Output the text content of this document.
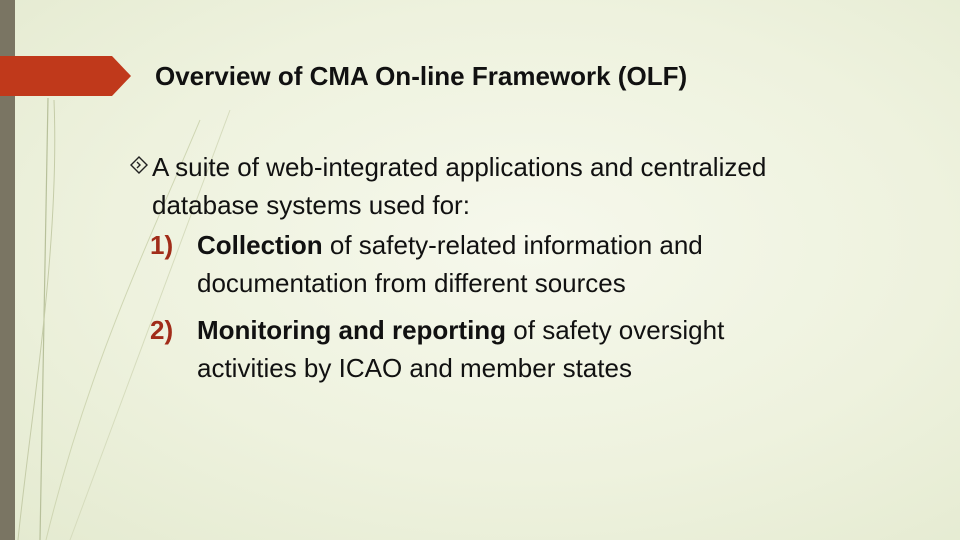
Overview of CMA On-line Framework (OLF)
A suite of web-integrated applications and centralized database systems used for:
1) Collection of safety-related information and documentation from different sources
2) Monitoring and reporting of safety oversight activities by ICAO and member states
